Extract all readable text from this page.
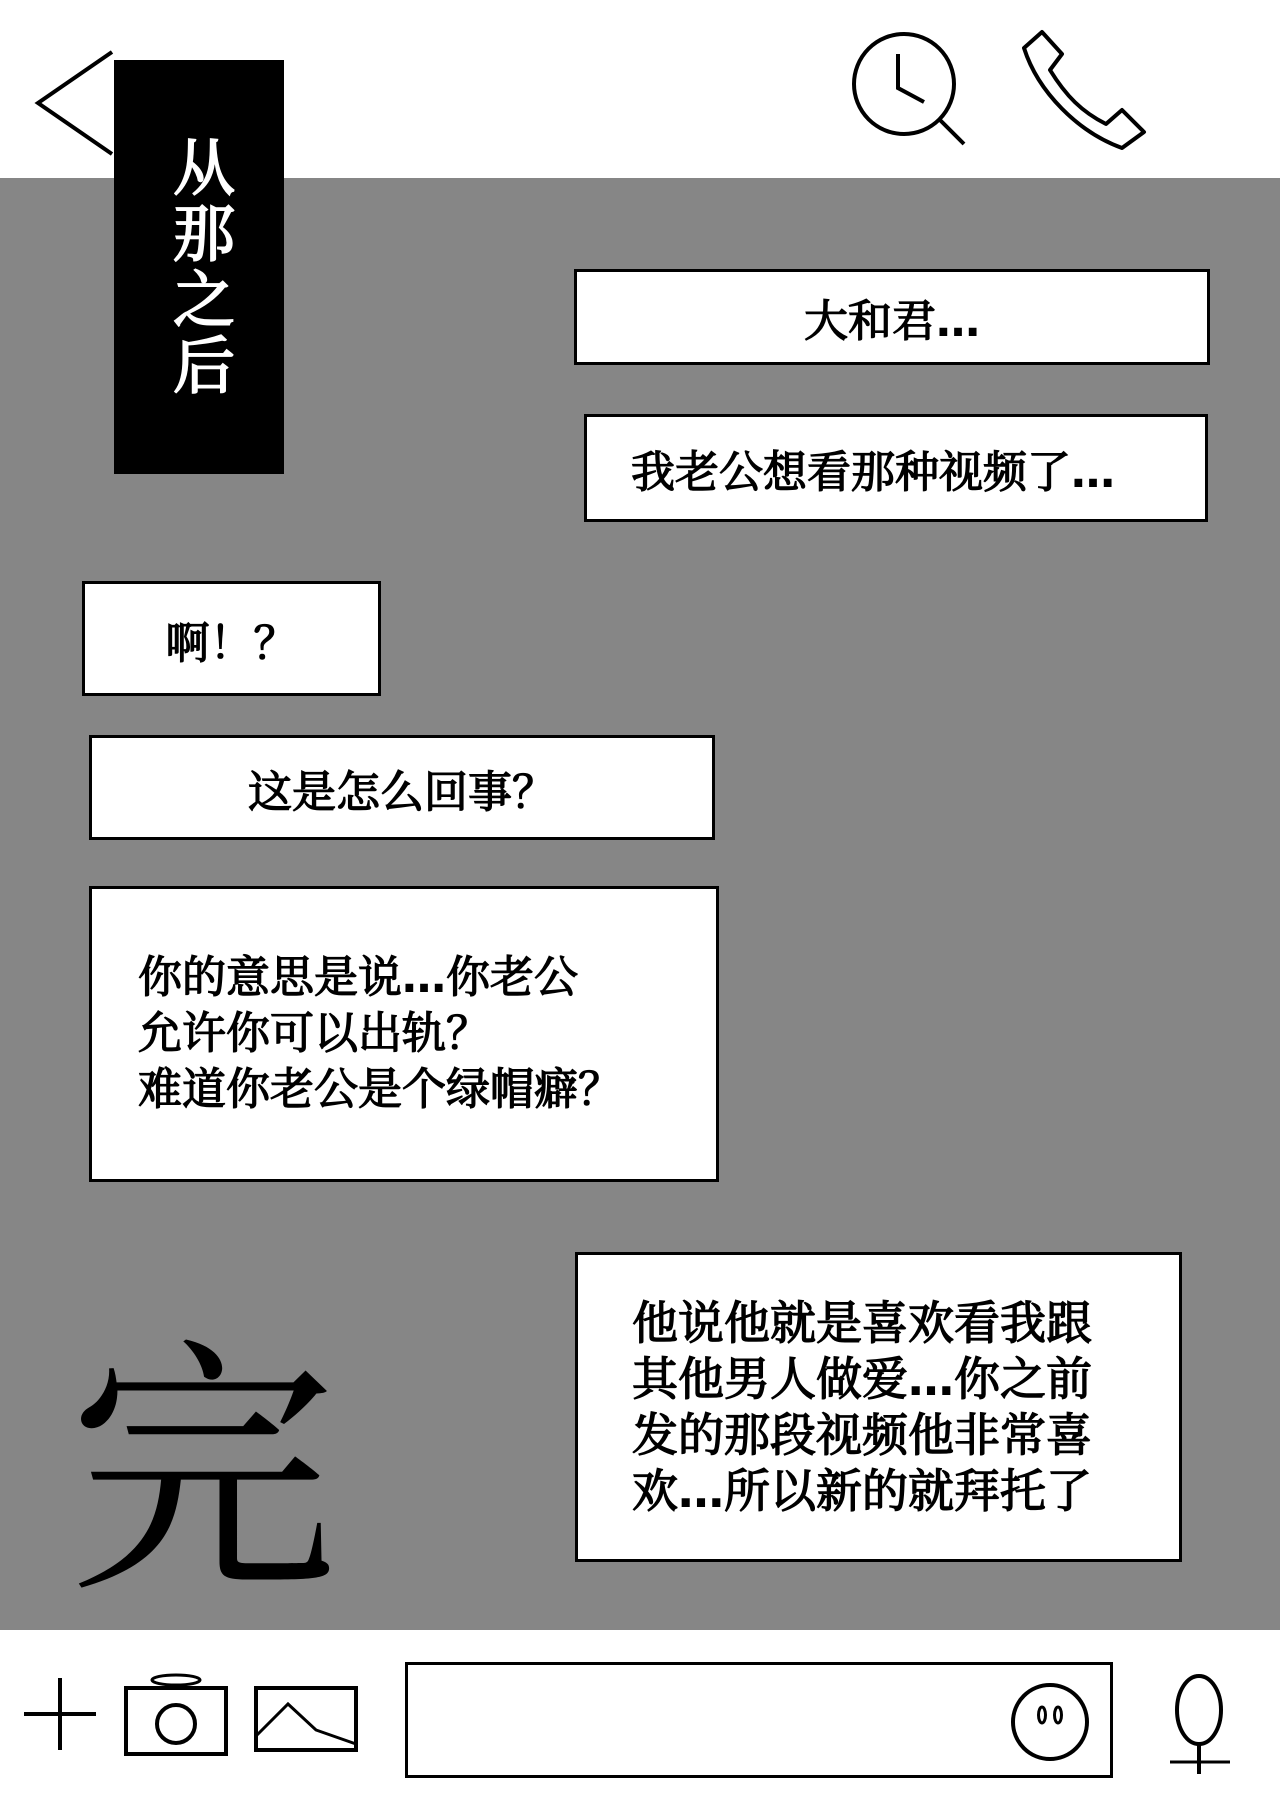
从那之后	大和君…
我老公想看那种视频了…
啊！？
这是怎么回事？
你的意思是说…你老公
允许你可以出轨？
难道你老公是个绿帽癖？
他说他就是喜欢看我跟
其他男人做爱…你之前
发的那段视频他非常喜
欢…所以新的就拜托了
完
